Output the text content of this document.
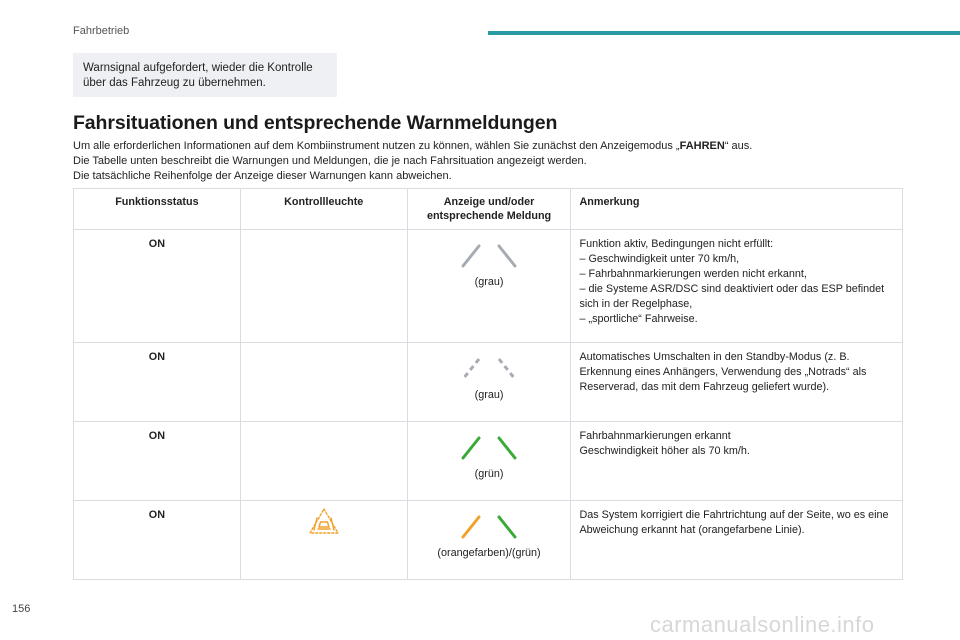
Fahrbetrieb
Warnsignal aufgefordert, wieder die Kontrolle über das Fahrzeug zu übernehmen.
Fahrsituationen und entsprechende Warnmeldungen

Um alle erforderlichen Informationen auf dem Kombiinstrument nutzen zu können, wählen Sie zunächst den Anzeigemodus „FAHREN“ aus.

Die Tabelle unten beschreibt die Warnungen und Meldungen, die je nach Fahrsituation angezeigt werden.

Die tatsächliche Reihenfolge der Anzeige dieser Warnungen kann abweichen.

Funktionsstatus	Kontrollleuchte	Anzeige und/oder entsprechende Meldung	Anmerkung
ON		(grau)	Funktion aktiv, Bedingungen nicht erfüllt:
– Geschwindigkeit unter 70 km/h,
– Fahrbahnmarkierungen werden nicht erkannt,
– die Systeme ASR/DSC sind deaktiviert oder das ESP befindet sich in der Regelphase,
– „sportliche“ Fahrweise.

ON		(grau)	Automatisches Umschalten in den Standby-Modus (z. B. Erkennung eines Anhängers, Verwendung des „Notrads“ als Reserverad, das mit dem Fahrzeug geliefert wurde).

ON		(grün)	Fahrbahnmarkierungen erkannt
Geschwindigkeit höher als 70 km/h.

ON		(orangefarben)/(grün)	Das System korrigiert die Fahrtrichtung auf der Seite, wo es eine Abweichung erkannt hat (orangefarbene Linie).
156
carmanualsonline.info
